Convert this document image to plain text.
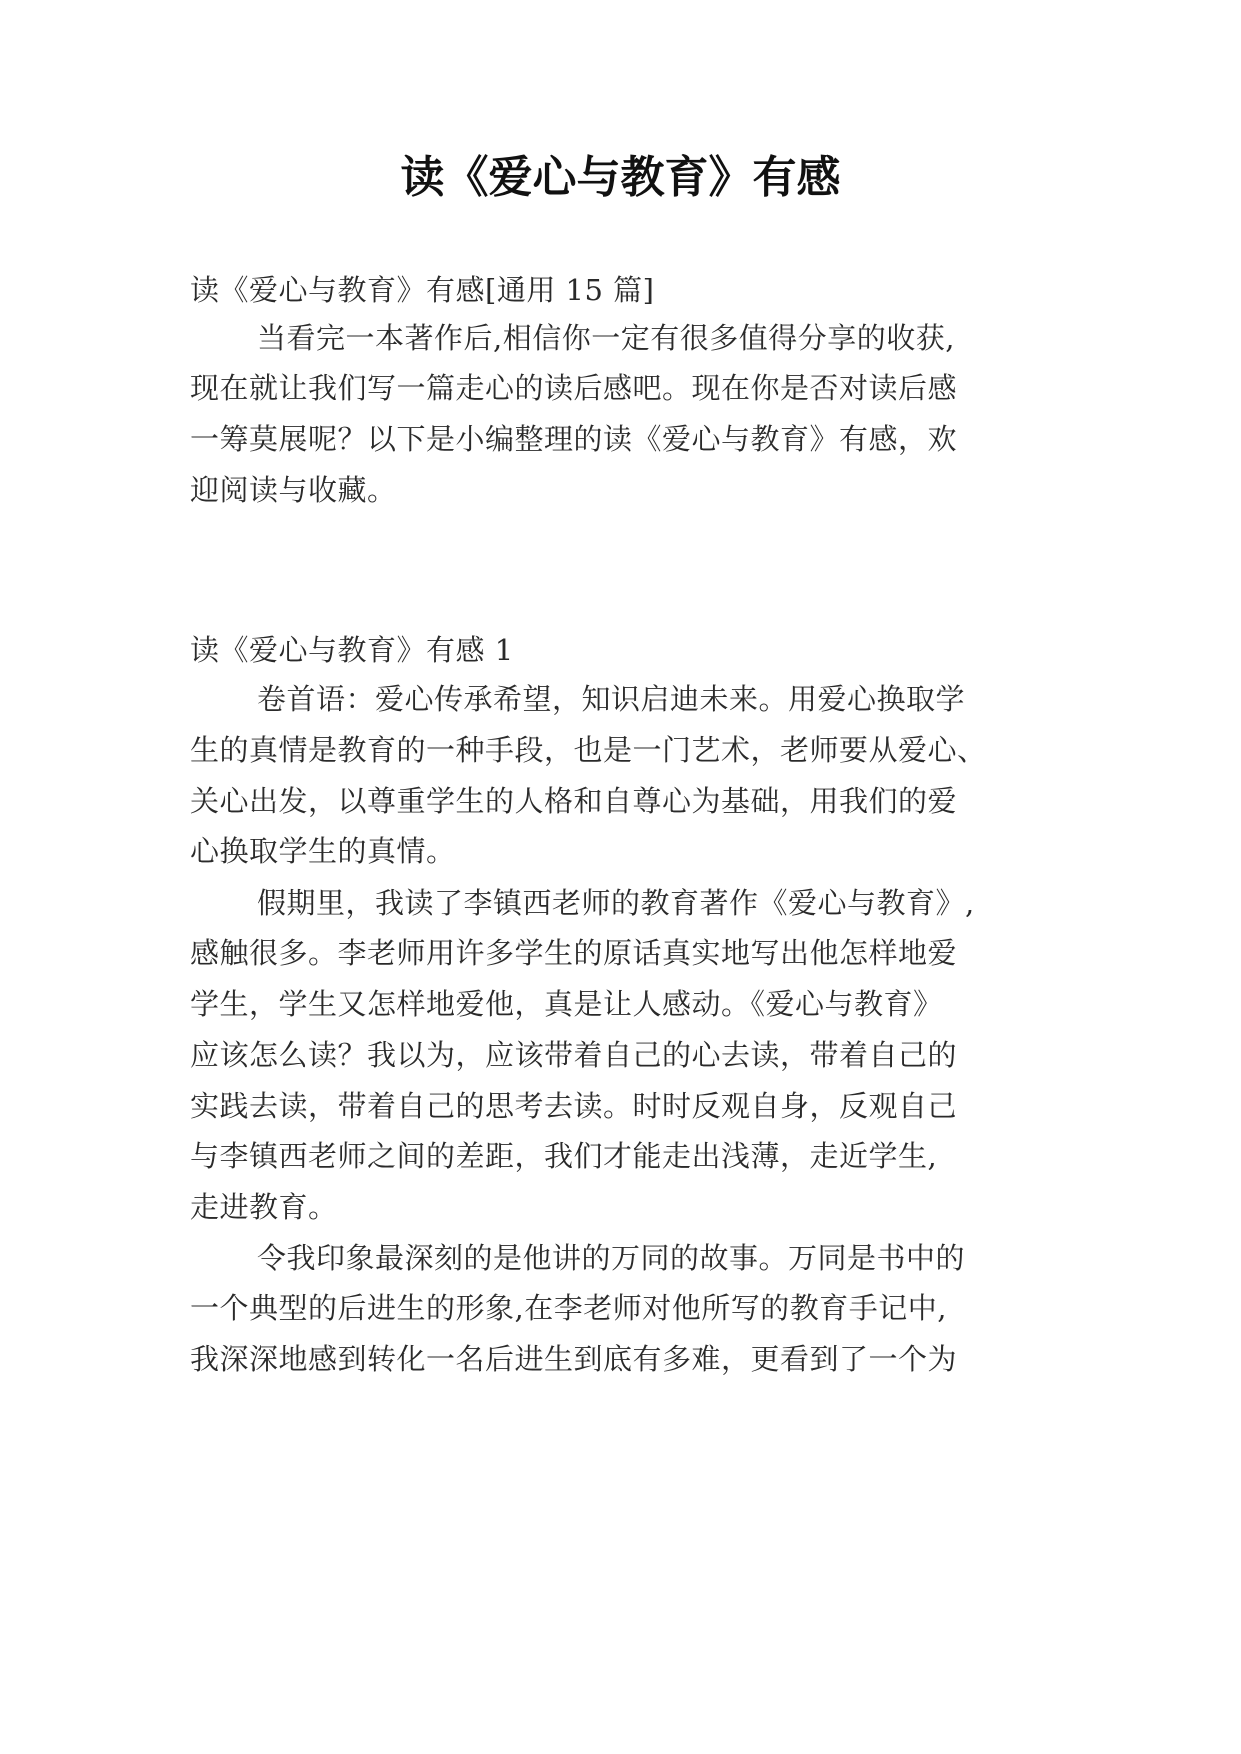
读《爱心与教育》有感

读《爱心与教育》有感[通用 15 篇]

当看完一本著作后,相信你一定有很多值得分享的收获,

现在就让我们写一篇走心的读后感吧。现在你是否对读后感

一筹莫展呢？以下是小编整理的读《爱心与教育》有感，欢

迎阅读与收藏。

读《爱心与教育》有感 1

卷首语：爱心传承希望，知识启迪未来。用爱心换取学

生的真情是教育的一种手段，也是一门艺术，老师要从爱心、

关心出发，以尊重学生的人格和自尊心为基础，用我们的爱

心换取学生的真情。

假期里，我读了李镇西老师的教育著作《爱心与教育》,

感触很多。李老师用许多学生的原话真实地写出他怎样地爱

学生，学生又怎样地爱他，真是让人感动。《爱心与教育》

应该怎么读？我以为，应该带着自己的心去读，带着自己的

实践去读，带着自己的思考去读。时时反观自身，反观自己

与李镇西老师之间的差距，我们才能走出浅薄，走近学生,

走进教育。

令我印象最深刻的是他讲的万同的故事。万同是书中的

一个典型的后进生的形象,在李老师对他所写的教育手记中,

我深深地感到转化一名后进生到底有多难，更看到了一个为
